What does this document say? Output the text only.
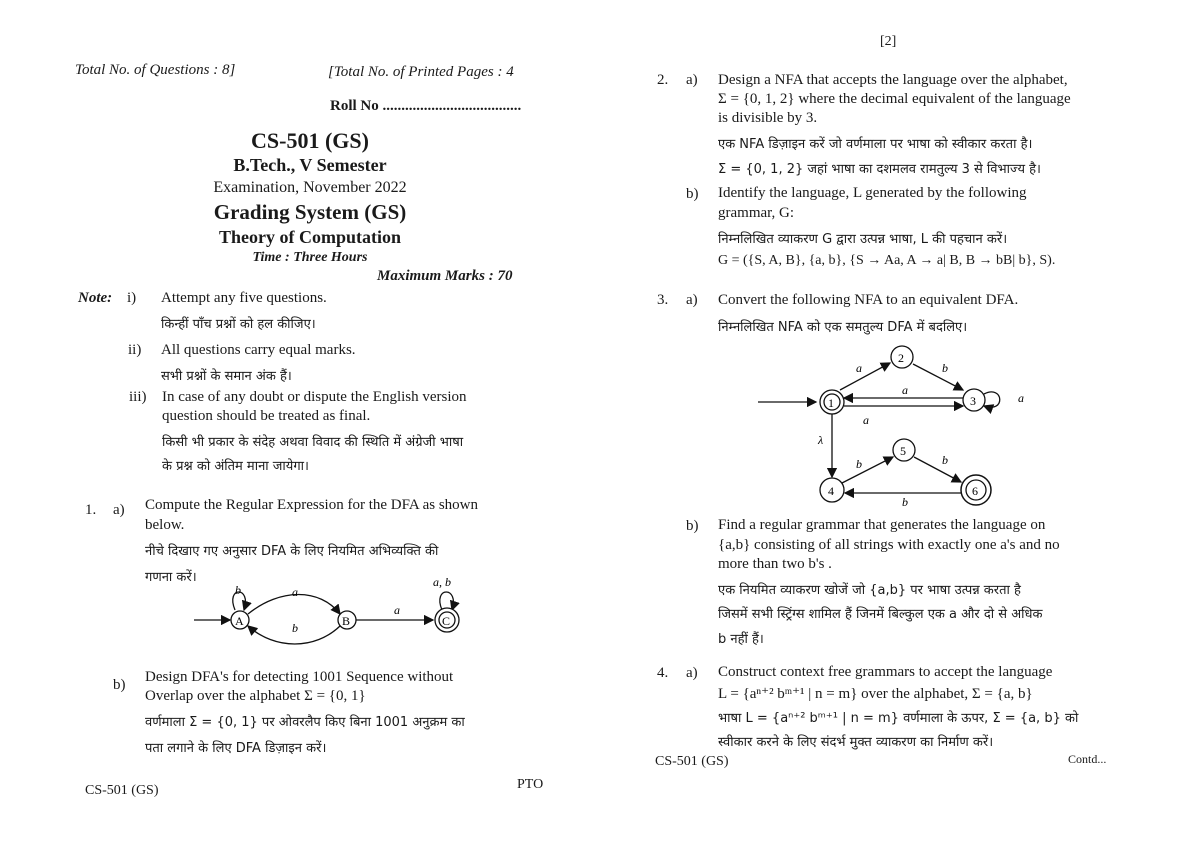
Total No. of Questions : 8]	[Total No. of Printed Pages : 4
Roll No .....................................
CS-501 (GS)
B.Tech., V Semester
Examination, November 2022
Grading System (GS)
Theory of Computation
Time : Three Hours
Maximum Marks : 70
Note: i) Attempt any five questions.
किन्हीं पाँच प्रश्नों को हल कीजिए।
ii) All questions carry equal marks.
सभी प्रश्नों के समान अंक हैं।
iii) In case of any doubt or dispute the English version
question should be treated as final.
किसी भी प्रकार के संदेह अथवा विवाद की स्थिति में अंग्रेजी भाषा
के प्रश्न को अंतिम माना जायेगा।
1. a) Compute the Regular Expression for the DFA as shown
below.
नीचे दिखाए गए अनुसार DFA के लिए नियमित अभिव्यक्ति की
गणना करें।
b	a
b
a
a, b
A	B	C
b) Design DFA's for detecting 1001 Sequence without
Overlap over the alphabet Σ = {0, 1}
वर्णमाला Σ = {0, 1} पर ओवरलैप किए बिना 1001 अनुक्रम का
पता लगाने के लिए DFA डिज़ाइन करें।
CS-501 (GS)	PTO
[2]
2. a) Design a NFA that accepts the language over the alphabet,
Σ = {0, 1, 2} where the decimal equivalent of the language
is divisible by 3.
एक NFA डिज़ाइन करें जो वर्णमाला पर भाषा को स्वीकार करता है।
Σ = {0, 1, 2} जहां भाषा का दशमलव रामतुल्य 3 से विभाज्य है।
b) Identify the language, L generated by the following
grammar, G:
निम्नलिखित व्याकरण G द्वारा उत्पन्न भाषा, L की पहचान करें।
G = ({S, A, B}, {a, b}, {S → Aa, A → a| B, B → bB| b}, S).
3. a) Convert the following NFA to an equivalent DFA.
निम्नलिखित NFA को एक समतुल्य DFA में बदलिए।
a	b
a
a
a
λ
b	b
b
1
2
3
4
5
6
b) Find a regular grammar that generates the language on
{a,b} consisting of all strings with exactly one a's and no
more than two b's .
एक नियमित व्याकरण खोजें जो {a,b} पर भाषा उत्पन्न करता है
जिसमें सभी स्ट्रिंग्स शामिल हैं जिनमें बिल्कुल एक a और दो से अधिक
b नहीं हैं।
4. a) Construct context free grammars to accept the language
L = {aⁿ⁺² bᵐ⁺¹ | n = m} over the alphabet, Σ = {a, b}
भाषा L = {aⁿ⁺² bᵐ⁺¹ | n = m} वर्णमाला के ऊपर, Σ = {a, b} को
स्वीकार करने के लिए संदर्भ मुक्त व्याकरण का निर्माण करें।
CS-501 (GS)	Contd...
